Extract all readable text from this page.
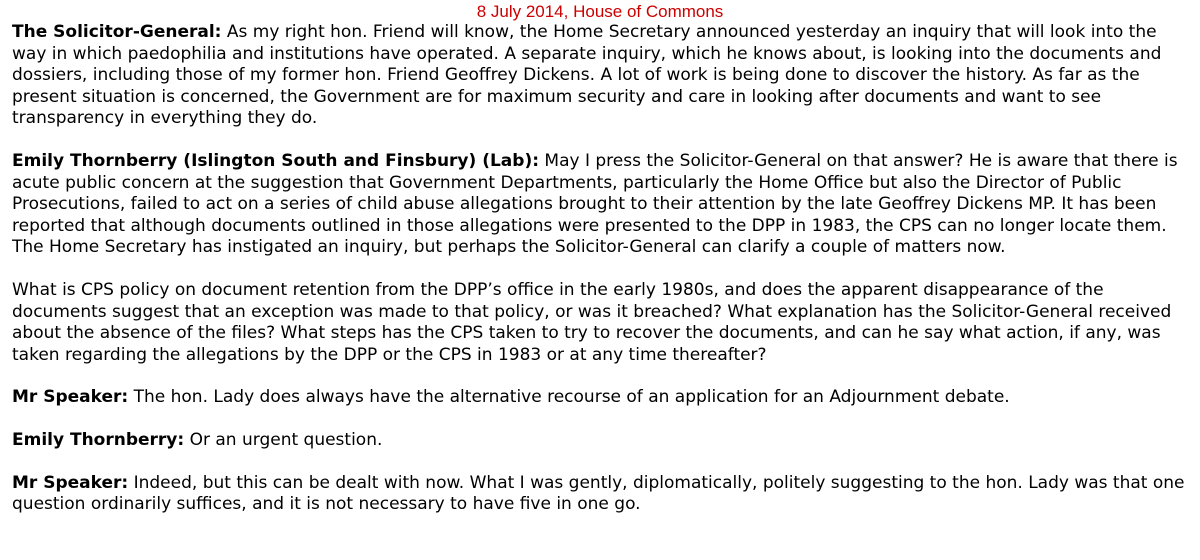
8 July 2014, House of Commons
The Solicitor-General: As my right hon. Friend will know, the Home Secretary announced yesterday an inquiry that will look into the way in which paedophilia and institutions have operated. A separate inquiry, which he knows about, is looking into the documents and dossiers, including those of my former hon. Friend Geoffrey Dickens. A lot of work is being done to discover the history. As far as the present situation is concerned, the Government are for maximum security and care in looking after documents and want to see transparency in everything they do.
Emily Thornberry (Islington South and Finsbury) (Lab): May I press the Solicitor-General on that answer? He is aware that there is acute public concern at the suggestion that Government Departments, particularly the Home Office but also the Director of Public Prosecutions, failed to act on a series of child abuse allegations brought to their attention by the late Geoffrey Dickens MP. It has been reported that although documents outlined in those allegations were presented to the DPP in 1983, the CPS can no longer locate them. The Home Secretary has instigated an inquiry, but perhaps the Solicitor-General can clarify a couple of matters now.
What is CPS policy on document retention from the DPP’s office in the early 1980s, and does the apparent disappearance of the documents suggest that an exception was made to that policy, or was it breached? What explanation has the Solicitor-General received about the absence of the files? What steps has the CPS taken to try to recover the documents, and can he say what action, if any, was taken regarding the allegations by the DPP or the CPS in 1983 or at any time thereafter?
Mr Speaker: The hon. Lady does always have the alternative recourse of an application for an Adjournment debate.
Emily Thornberry: Or an urgent question.
Mr Speaker: Indeed, but this can be dealt with now. What I was gently, diplomatically, politely suggesting to the hon. Lady was that one question ordinarily suffices, and it is not necessary to have five in one go.
